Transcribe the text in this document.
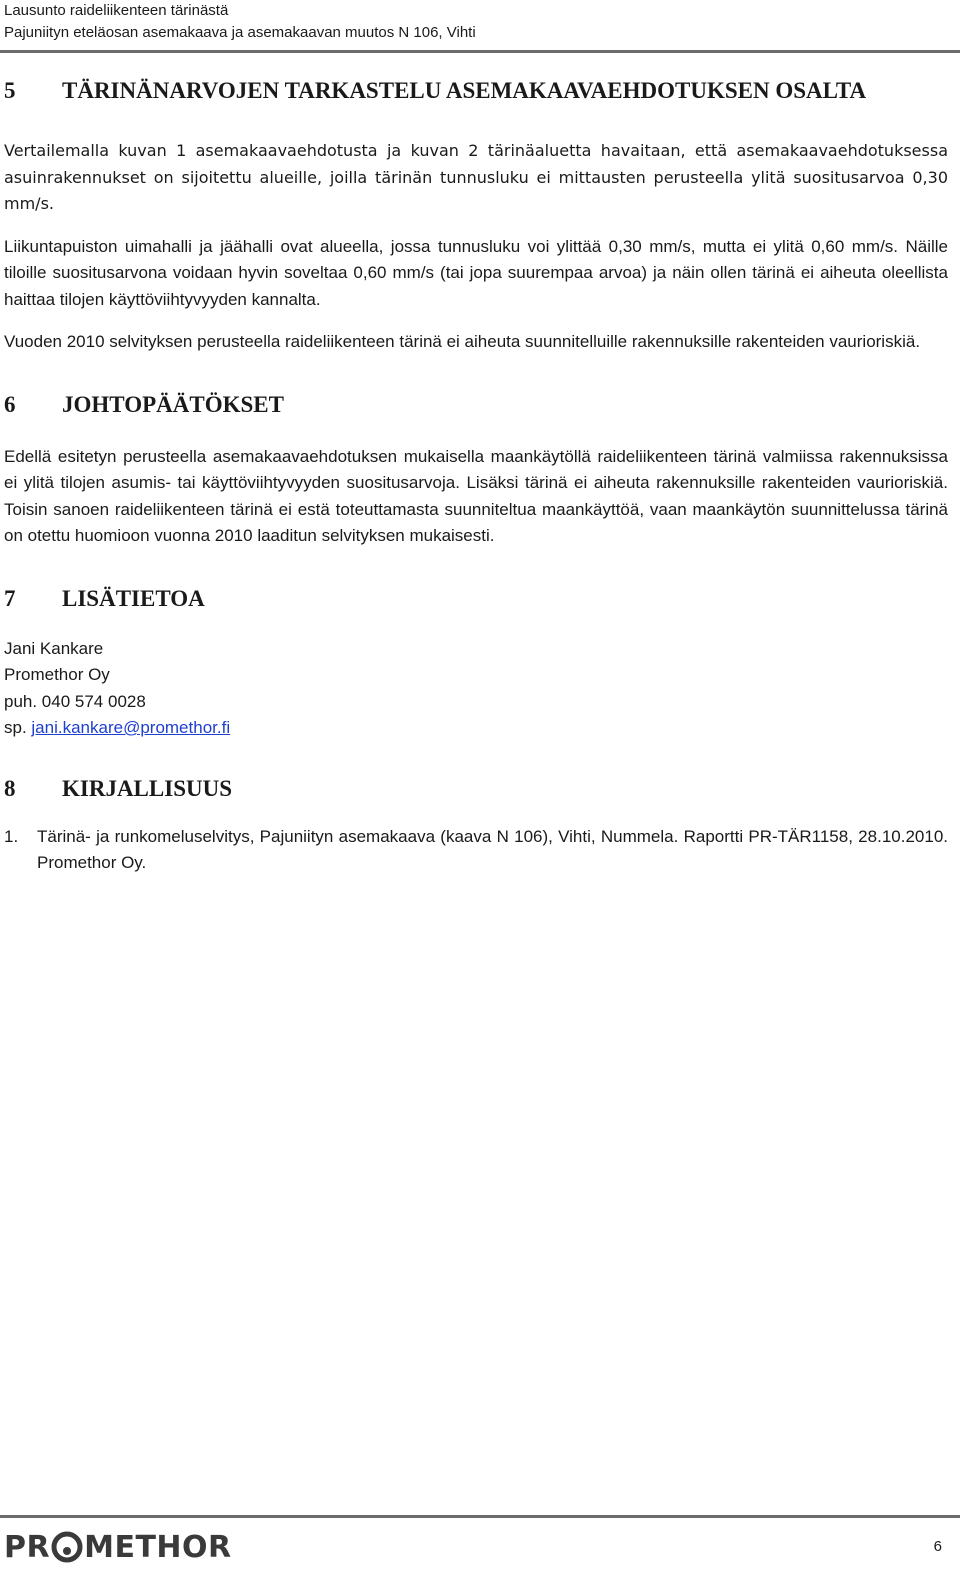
Lausunto raideliikenteen tärinästä
Pajuniityn eteläosan asemakaava ja asemakaavan muutos N 106, Vihti
5	TÄRINÄNARVOJEN TARKASTELU ASEMAKAAVAEHDOTUKSEN OSALTA

Vertailemalla kuvan 1 asemakaavaehdotusta ja kuvan 2 tärinäaluetta havaitaan, että asemakaavaehdotuksessa asuinrakennukset on sijoitettu alueille, joilla tärinän tunnusluku ei mittausten perusteella ylitä suositusarvoa 0,30 mm/s.

Liikuntapuiston uimahalli ja jäähalli ovat alueella, jossa tunnusluku voi ylittää 0,30 mm/s, mutta ei ylitä 0,60 mm/s. Näille tiloille suositusarvona voidaan hyvin soveltaa 0,60 mm/s (tai jopa suurempaa arvoa) ja näin ollen tärinä ei aiheuta oleellista haittaa tilojen käyttöviihtyvyyden kannalta.

Vuoden 2010 selvityksen perusteella raideliikenteen tärinä ei aiheuta suunnitelluille rakennuksille rakenteiden vaurioriskiä.

6	JOHTOPÄÄTÖKSET

Edellä esitetyn perusteella asemakaavaehdotuksen mukaisella maankäytöllä raideliikenteen tärinä valmiissa rakennuksissa ei ylitä tilojen asumis- tai käyttöviihtyvyyden suositusarvoja. Lisäksi tärinä ei aiheuta rakennuksille rakenteiden vaurioriskiä. Toisin sanoen raideliikenteen tärinä ei estä toteuttamasta suunniteltua maankäyttöä, vaan maankäytön suunnittelussa tärinä on otettu huomioon vuonna 2010 laaditun selvityksen mukaisesti.

7	LISÄTIETOA

Jani Kankare

Promethor Oy

puh. 040 574 0028

sp. jani.kankare@promethor.fi

8	KIRJALLISUUS
1.	Tärinä- ja runkomeluselvitys, Pajuniityn asemakaava (kaava N 106), Vihti, Nummela. Raportti PR-TÄR1158, 28.10.2010. Promethor Oy.
PR METHOR	6
